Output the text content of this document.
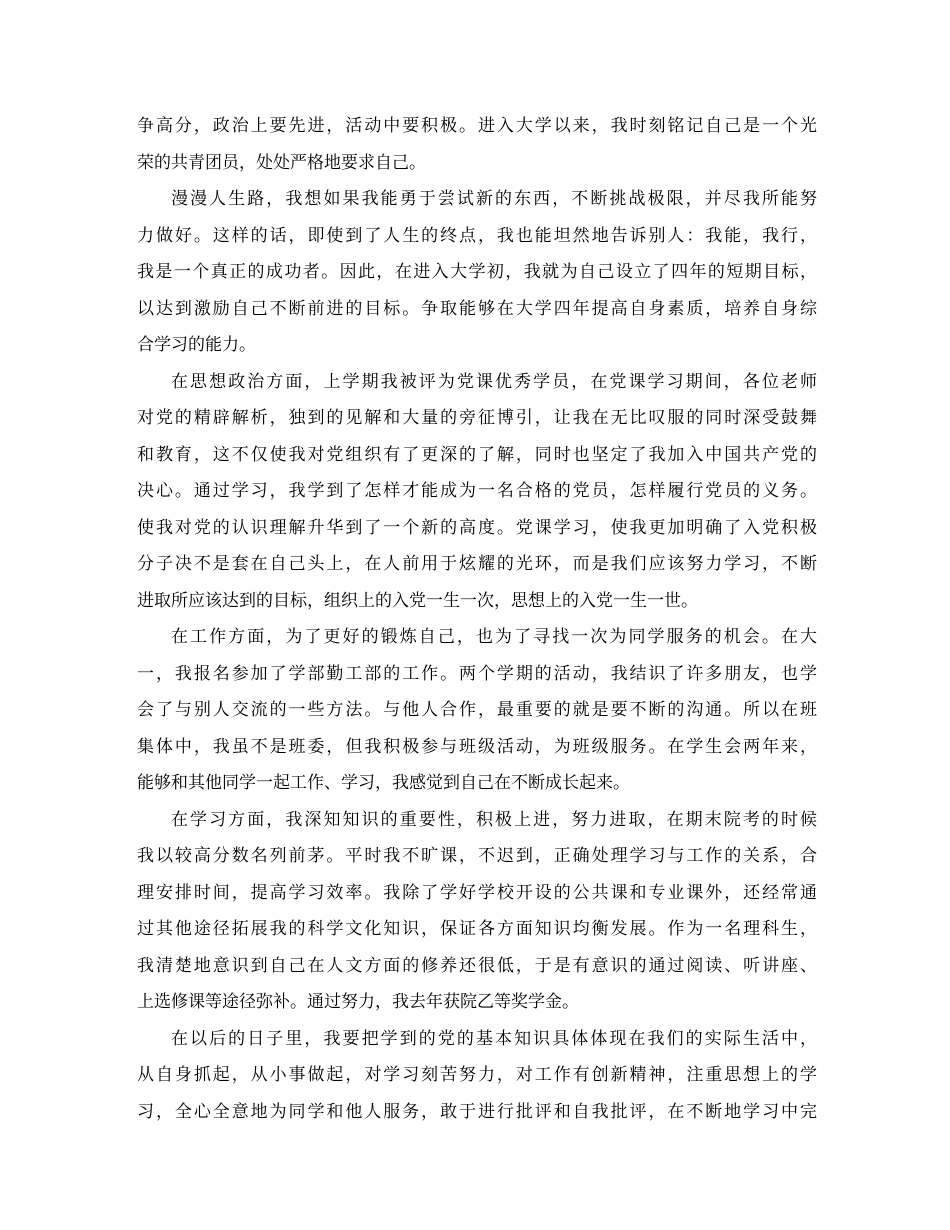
争高分，政治上要先进，活动中要积极。进入大学以来，我时刻铭记自己是一个光
荣的共青团员，处处严格地要求自己。
漫漫人生路，我想如果我能勇于尝试新的东西，不断挑战极限，并尽我所能努
力做好。这样的话，即使到了人生的终点，我也能坦然地告诉别人：我能，我行，
我是一个真正的成功者。因此，在进入大学初，我就为自己设立了四年的短期目标，
以达到激励自己不断前进的目标。争取能够在大学四年提高自身素质，培养自身综
合学习的能力。
在思想政治方面，上学期我被评为党课优秀学员，在党课学习期间，各位老师
对党的精辟解析，独到的见解和大量的旁征博引，让我在无比叹服的同时深受鼓舞
和教育，这不仅使我对党组织有了更深的了解，同时也坚定了我加入中国共产党的
决心。通过学习，我学到了怎样才能成为一名合格的党员，怎样履行党员的义务。
使我对党的认识理解升华到了一个新的高度。党课学习，使我更加明确了入党积极
分子决不是套在自己头上，在人前用于炫耀的光环，而是我们应该努力学习，不断
进取所应该达到的目标，组织上的入党一生一次，思想上的入党一生一世。
在工作方面，为了更好的锻炼自己，也为了寻找一次为同学服务的机会。在大
一，我报名参加了学部勤工部的工作。两个学期的活动，我结识了许多朋友，也学
会了与别人交流的一些方法。与他人合作，最重要的就是要不断的沟通。所以在班
集体中，我虽不是班委，但我积极参与班级活动，为班级服务。在学生会两年来，
能够和其他同学一起工作、学习，我感觉到自己在不断成长起来。
在学习方面，我深知知识的重要性，积极上进，努力进取，在期末院考的时候
我以较高分数名列前茅。平时我不旷课，不迟到，正确处理学习与工作的关系，合
理安排时间，提高学习效率。我除了学好学校开设的公共课和专业课外，还经常通
过其他途径拓展我的科学文化知识，保证各方面知识均衡发展。作为一名理科生，
我清楚地意识到自己在人文方面的修养还很低，于是有意识的通过阅读、听讲座、
上选修课等途径弥补。通过努力，我去年获院乙等奖学金。
在以后的日子里，我要把学到的党的基本知识具体体现在我们的实际生活中，
从自身抓起，从小事做起，对学习刻苦努力，对工作有创新精神，注重思想上的学
习，全心全意地为同学和他人服务，敢于进行批评和自我批评，在不断地学习中完
